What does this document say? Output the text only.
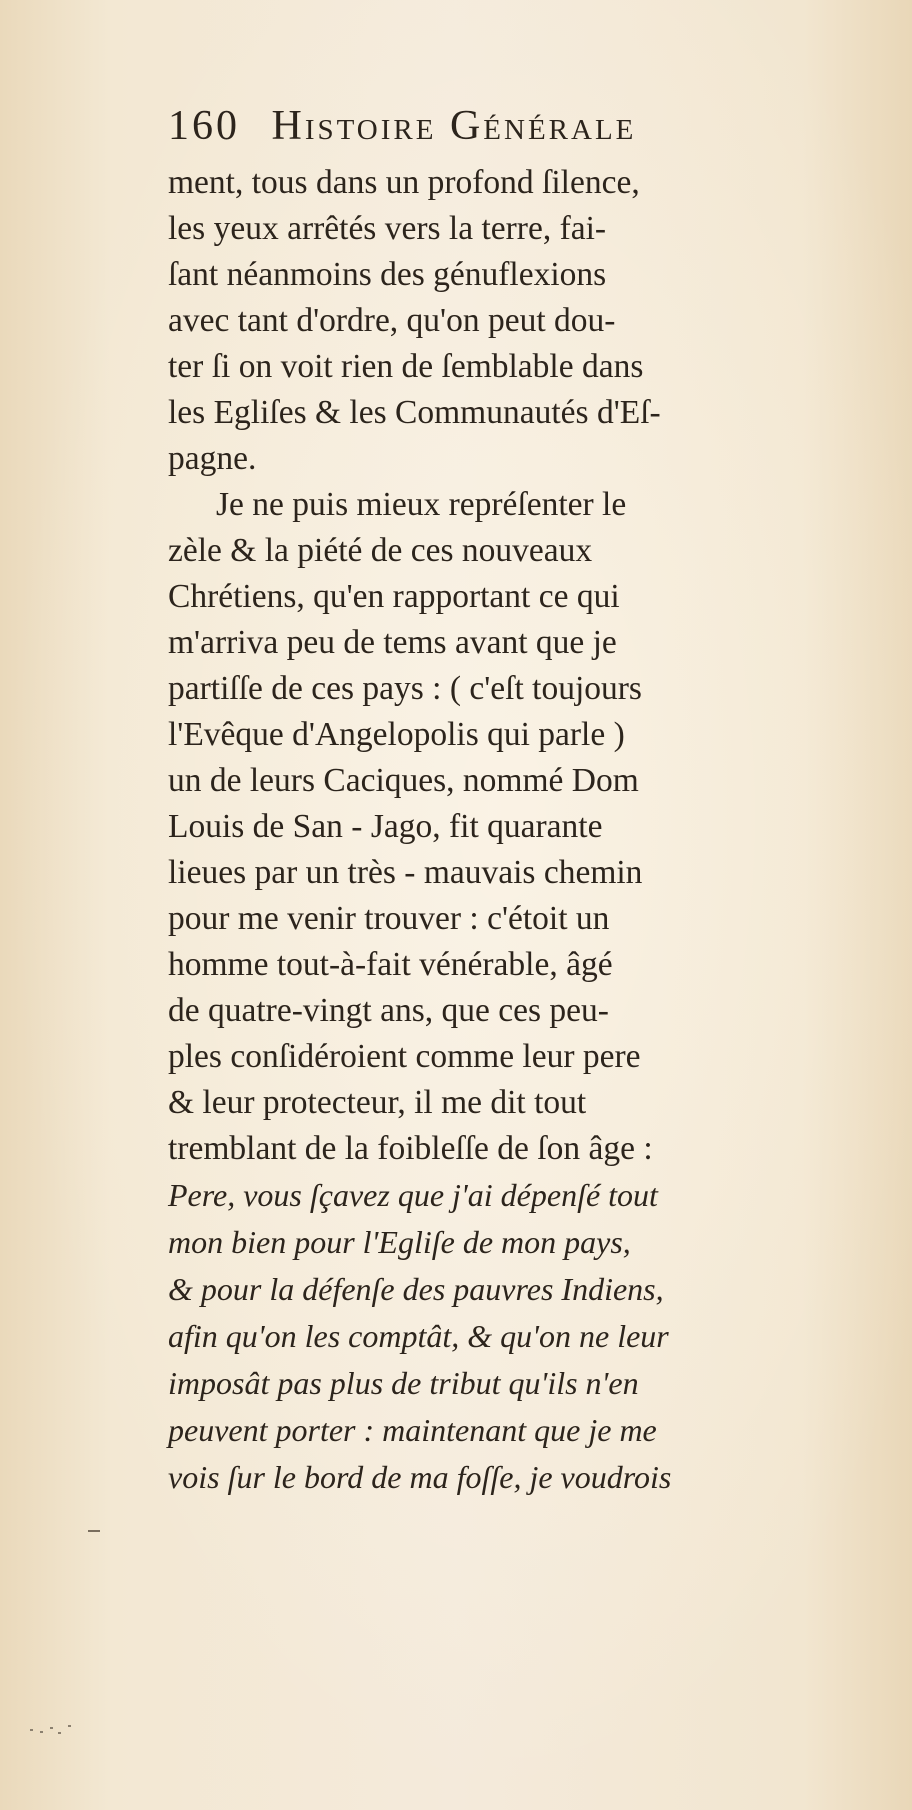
160 Histoire Générale
ment, tous dans un profond ſilence,
les yeux arrêtés vers la terre, fai-
ſant néanmoins des génuflexions
avec tant d'ordre, qu'on peut dou-
ter ſi on voit rien de ſemblable dans
les Egliſes & les Communautés d'Eſ-
pagne.
Je ne puis mieux repréſenter le
zèle & la piété de ces nouveaux
Chrétiens, qu'en rapportant ce qui
m'arriva peu de tems avant que je
partiſſe de ces pays : ( c'eſt toujours
l'Evêque d'Angelopolis qui parle )
un de leurs Caciques, nommé Dom
Louis de San - Jago, fit quarante
lieues par un très - mauvais chemin
pour me venir trouver : c'étoit un
homme tout-à-fait vénérable, âgé
de quatre-vingt ans, que ces peu-
ples conſidéroient comme leur pere
& leur protecteur, il me dit tout
tremblant de la foibleſſe de ſon âge :
Pere, vous ſçavez que j'ai dépenſé tout
mon bien pour l'Egliſe de mon pays,
& pour la défenſe des pauvres Indiens,
afin qu'on les comptât, & qu'on ne leur
imposât pas plus de tribut qu'ils n'en
peuvent porter : maintenant que je me
vois ſur le bord de ma foſſe, je voudrois
